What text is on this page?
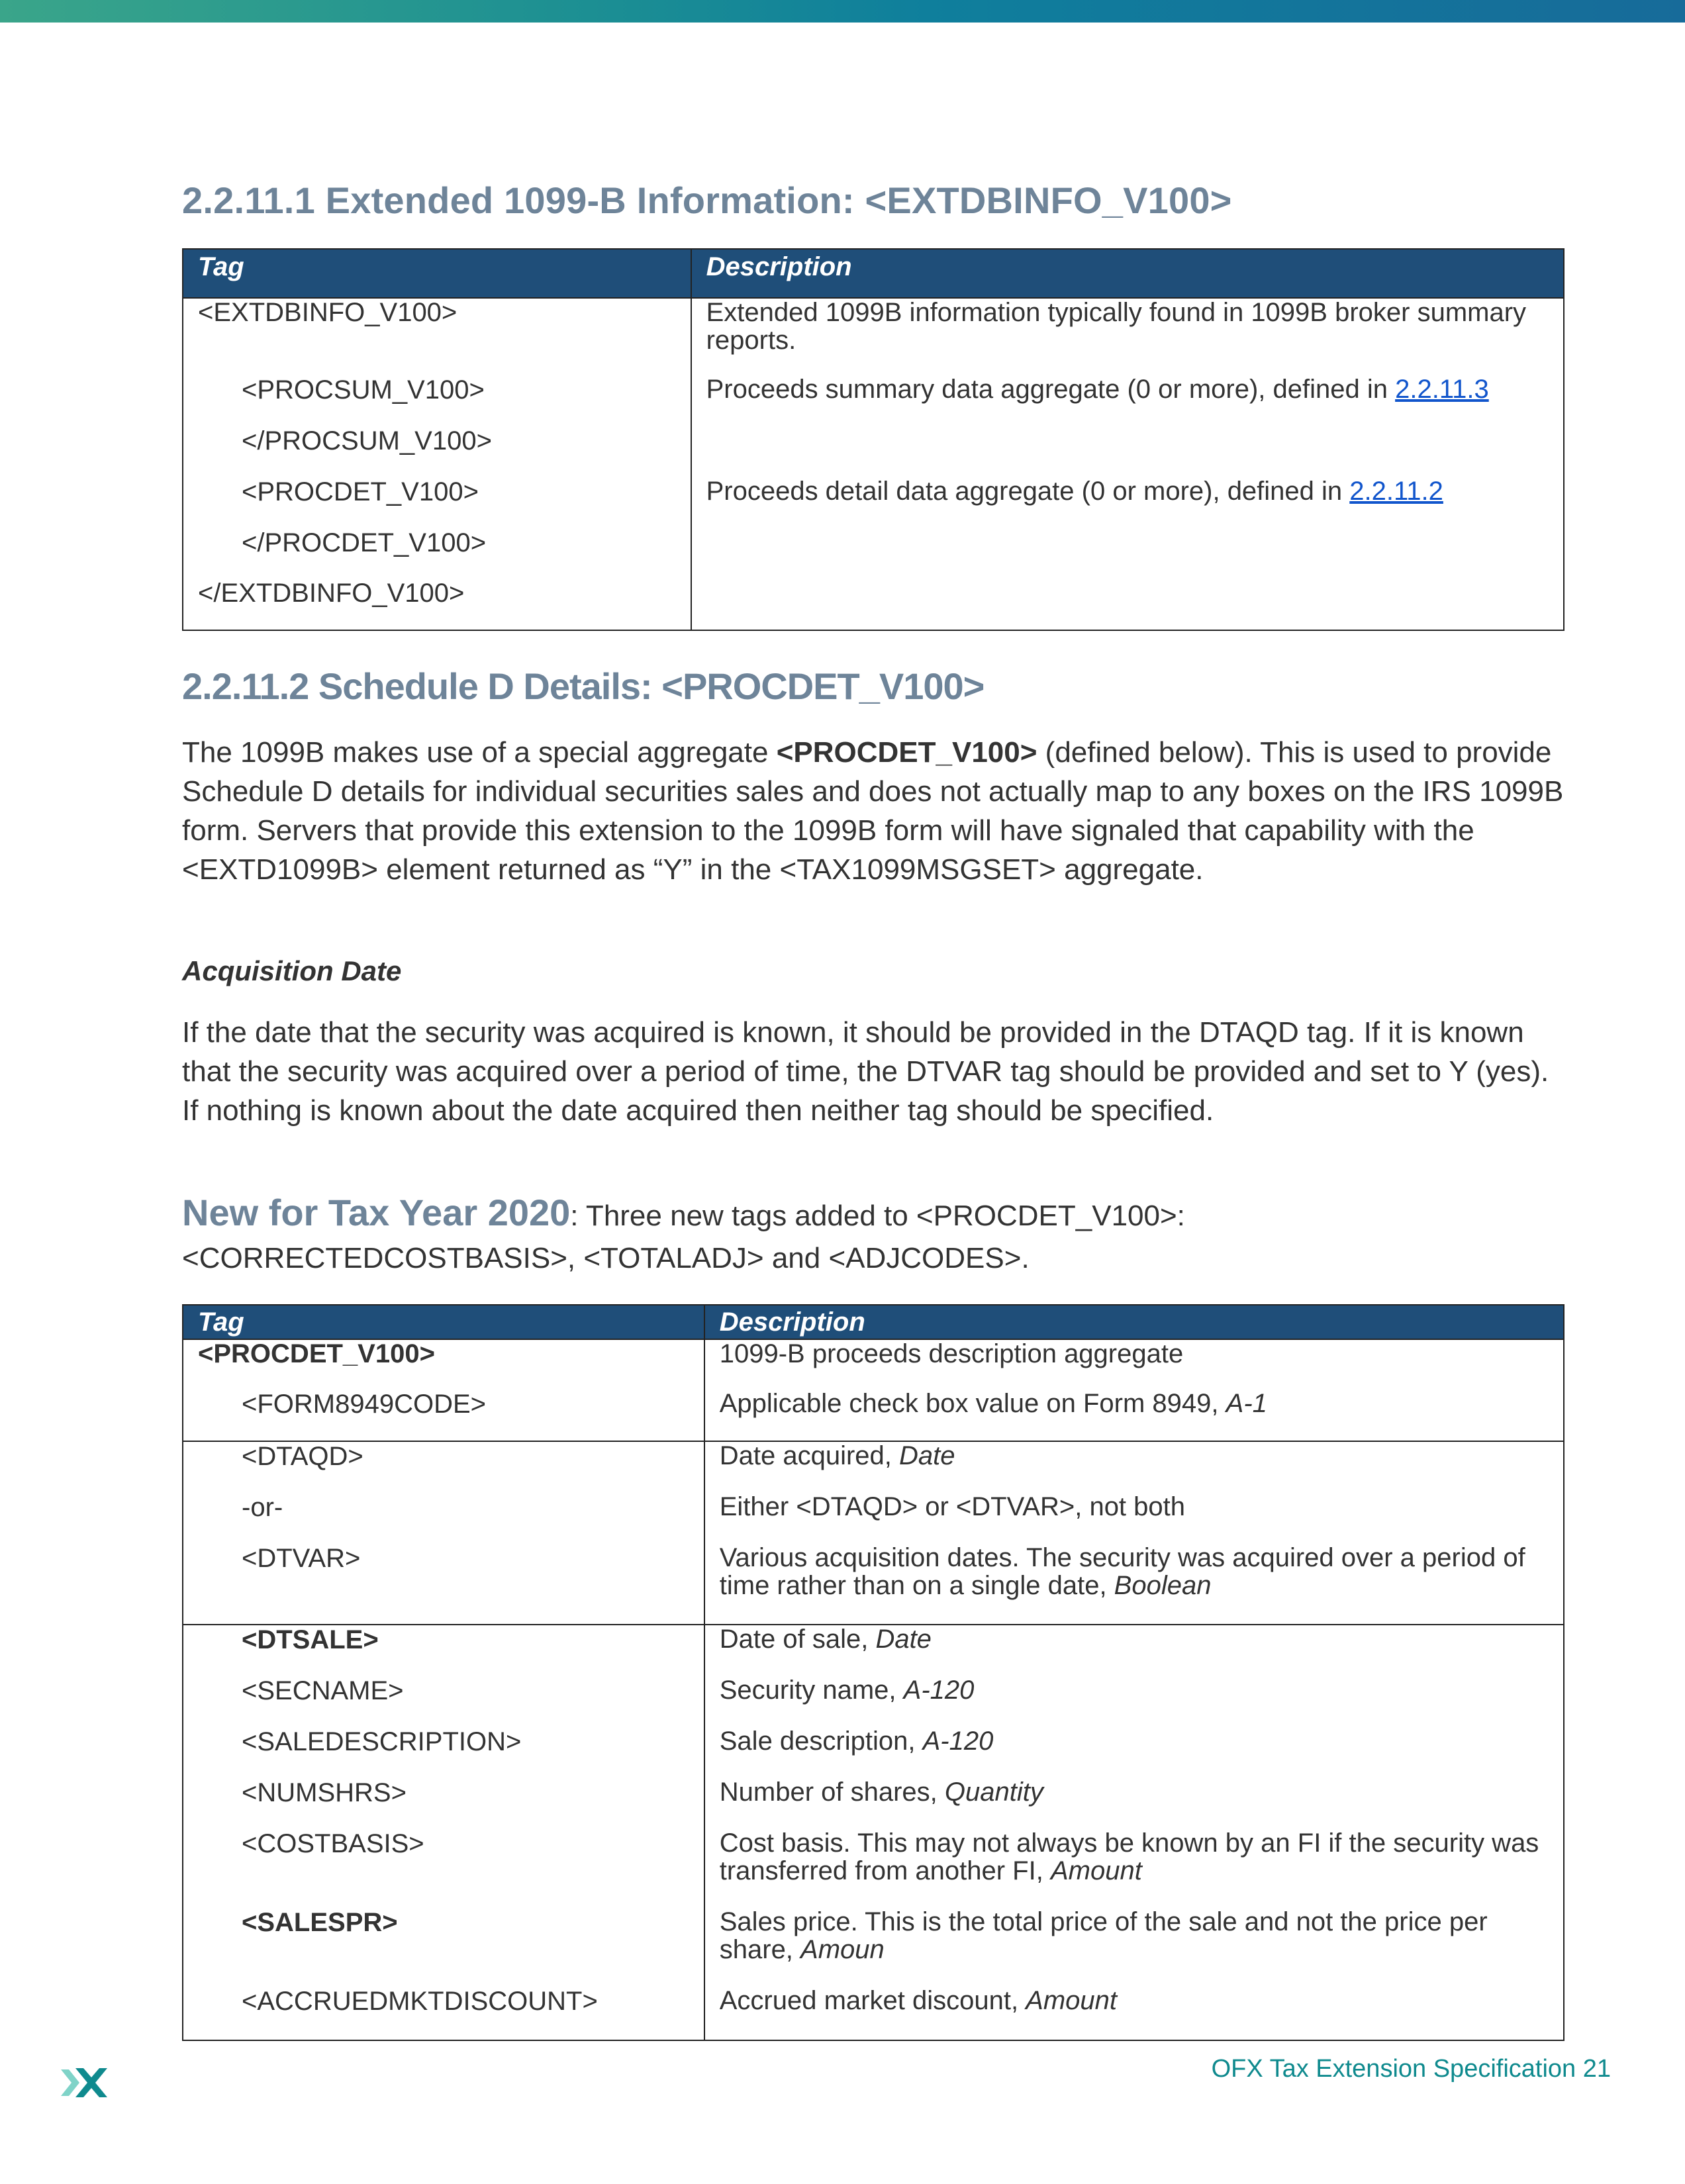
2.2.11.1 Extended 1099-B Information: <EXTDBINFO_V100>
Tag	Description
<EXTDBINFO_V100>	Extended 1099B information typically found in 1099B broker summary reports.
<PROCSUM_V100>	Proceeds summary data aggregate (0 or more), defined in 2.2.11.3
</PROCSUM_V100>	
<PROCDET_V100>	Proceeds detail data aggregate (0 or more), defined in 2.2.11.2
</PROCDET_V100>	
</EXTDBINFO_V100>	
2.2.11.2 Schedule D Details: <PROCDET_V100>

The 1099B makes use of a special aggregate <PROCDET_V100> (defined below). This is used to provide Schedule D details for individual securities sales and does not actually map to any boxes on the IRS 1099B form. Servers that provide this extension to the 1099B form will have signaled that capability with the <EXTD1099B> element returned as “Y” in the <TAX1099MSGSET> aggregate.

Acquisition Date

If the date that the security was acquired is known, it should be provided in the DTAQD tag. If it is known that the security was acquired over a period of time, the DTVAR tag should be provided and set to Y (yes). If nothing is known about the date acquired then neither tag should be specified.

New for Tax Year 2020: Three new tags added to <PROCDET_V100>: <CORRECTEDCOSTBASIS>, <TOTALADJ> and <ADJCODES>.

Tag	Description
<PROCDET_V100>	1099-B proceeds description aggregate
<FORM8949CODE>	Applicable check box value on Form 8949, A-1
<DTAQD>	Date acquired, Date
-or-	Either <DTAQD> or <DTVAR>, not both
<DTVAR>	Various acquisition dates. The security was acquired over a period of time rather than on a single date, Boolean
<DTSALE>	Date of sale, Date
<SECNAME>	Security name, A-120
<SALEDESCRIPTION>	Sale description, A-120
<NUMSHRS>	Number of shares, Quantity
<COSTBASIS>	Cost basis. This may not always be known by an FI if the security was transferred from another FI, Amount
<SALESPR>	Sales price. This is the total price of the sale and not the price per share, Amoun
<ACCRUEDMKTDISCOUNT>	Accrued market discount, Amount
OFX Tax Extension Specification 21
